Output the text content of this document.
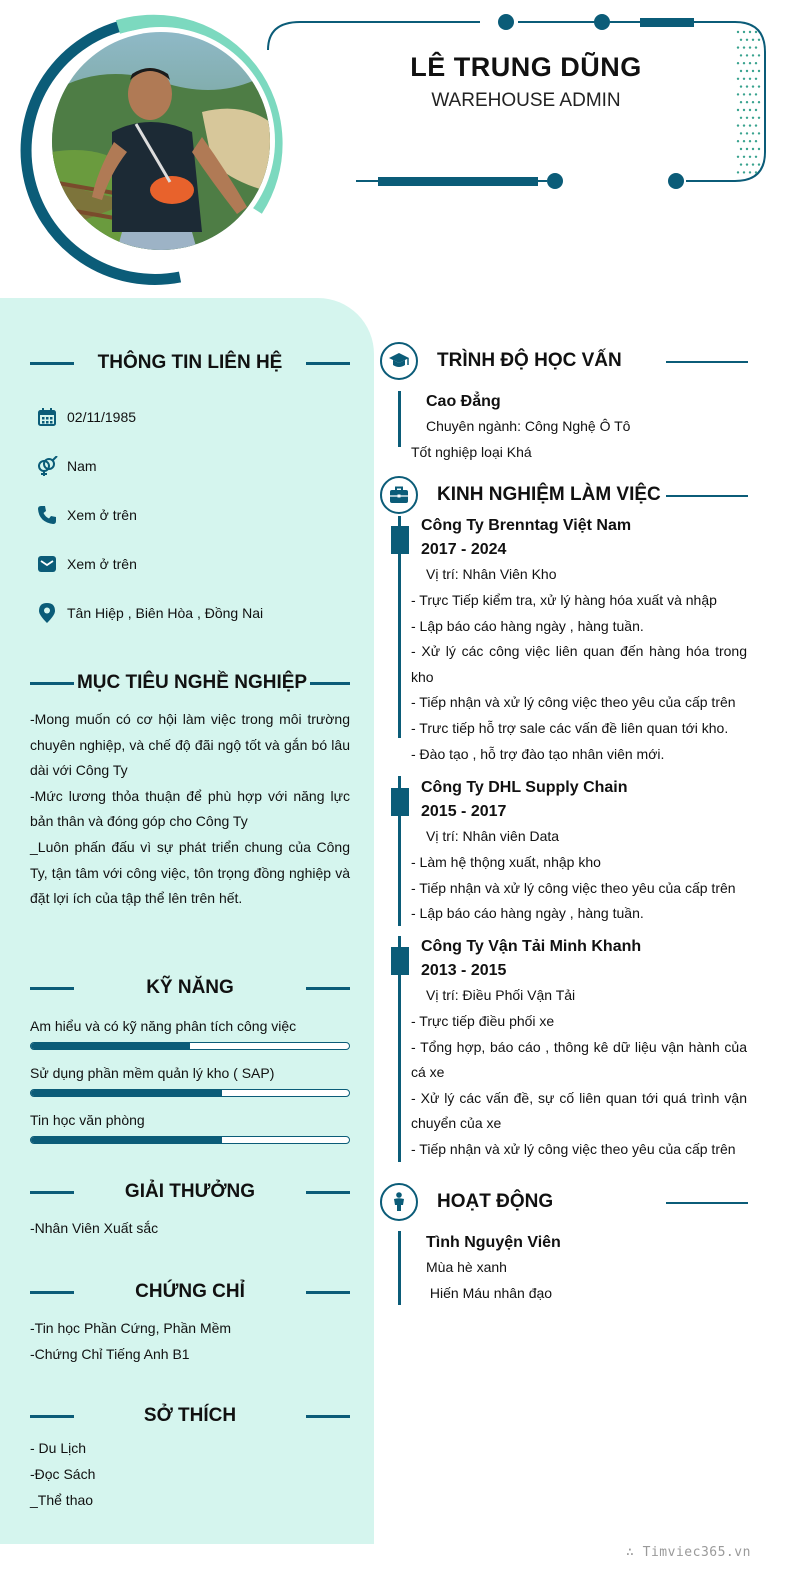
LÊ TRUNG DŨNG
WAREHOUSE ADMIN
THÔNG TIN LIÊN HỆ
02/11/1985
Nam
Xem ở trên
Xem ở trên
Tân Hiệp , Biên Hòa , Đồng Nai
MỤC TIÊU NGHỀ NGHIỆP

-Mong muốn có cơ hội làm việc trong môi trường chuyên nghiệp, và chế độ đãi ngộ tốt và gắn bó lâu dài với Công Ty

-Mức lương thỏa thuận để phù hợp với năng lực bản thân và đóng góp cho Công Ty

_Luôn phấn đấu vì sự phát triển chung của Công Ty, tận tâm với công việc, tôn trọng đồng nghiệp và đặt lợi ích của tập thể lên trên hết.

KỸ NĂNG
Am hiểu và có kỹ năng phân tích công việc
Sử dụng phần mềm quản lý kho ( SAP)
Tin học văn phòng
GIẢI THƯỞNG
-Nhân Viên Xuất sắc
CHỨNG CHỈ
-Tin học Phần Cứng, Phần Mềm
-Chứng Chỉ Tiếng Anh B1
SỞ THÍCH
- Du Lịch
-Đọc Sách
_Thể thao
TRÌNH ĐỘ HỌC VẤN
Cao Đẳng
Chuyên ngành: Công Nghệ Ô Tô
Tốt nghiệp loại Khá
KINH NGHIỆM LÀM VIỆC
Công Ty Brenntag Việt Nam
2017 - 2024
Vị trí: Nhân Viên Kho
- Trực Tiếp kiểm tra, xử lý hàng hóa xuất và nhập
- Lập báo cáo hàng ngày , hàng tuần.
- Xử lý các công việc liên quan đến hàng hóa trong kho
- Tiếp nhận và xử lý công việc theo yêu của cấp trên
- Trưc tiếp hỗ trợ sale các vấn đề liên quan tới kho.
- Đào tạo , hỗ trợ đào tạo nhân viên mới.
Công Ty DHL Supply Chain
2015 - 2017
Vị trí: Nhân viên Data
- Làm hệ thộng xuất, nhập kho
- Tiếp nhận và xử lý công việc theo yêu của cấp trên
- Lập báo cáo hàng ngày , hàng tuần.
Công Ty Vận Tải Minh Khanh
2013 - 2015
Vị trí: Điều Phối Vận Tải
- Trực tiếp điều phối xe
- Tổng hợp, báo cáo , thông kê dữ liệu vận hành của cá xe
- Xử lý các vấn đề, sự cố liên quan tới quá trình vận chuyển của xe
- Tiếp nhận và xử lý công việc theo yêu của cấp trên
HOẠT ĐỘNG
Tình Nguyện Viên
Mùa hè xanh
Hiến Máu nhân đạo
∴ Timviec365.vn
